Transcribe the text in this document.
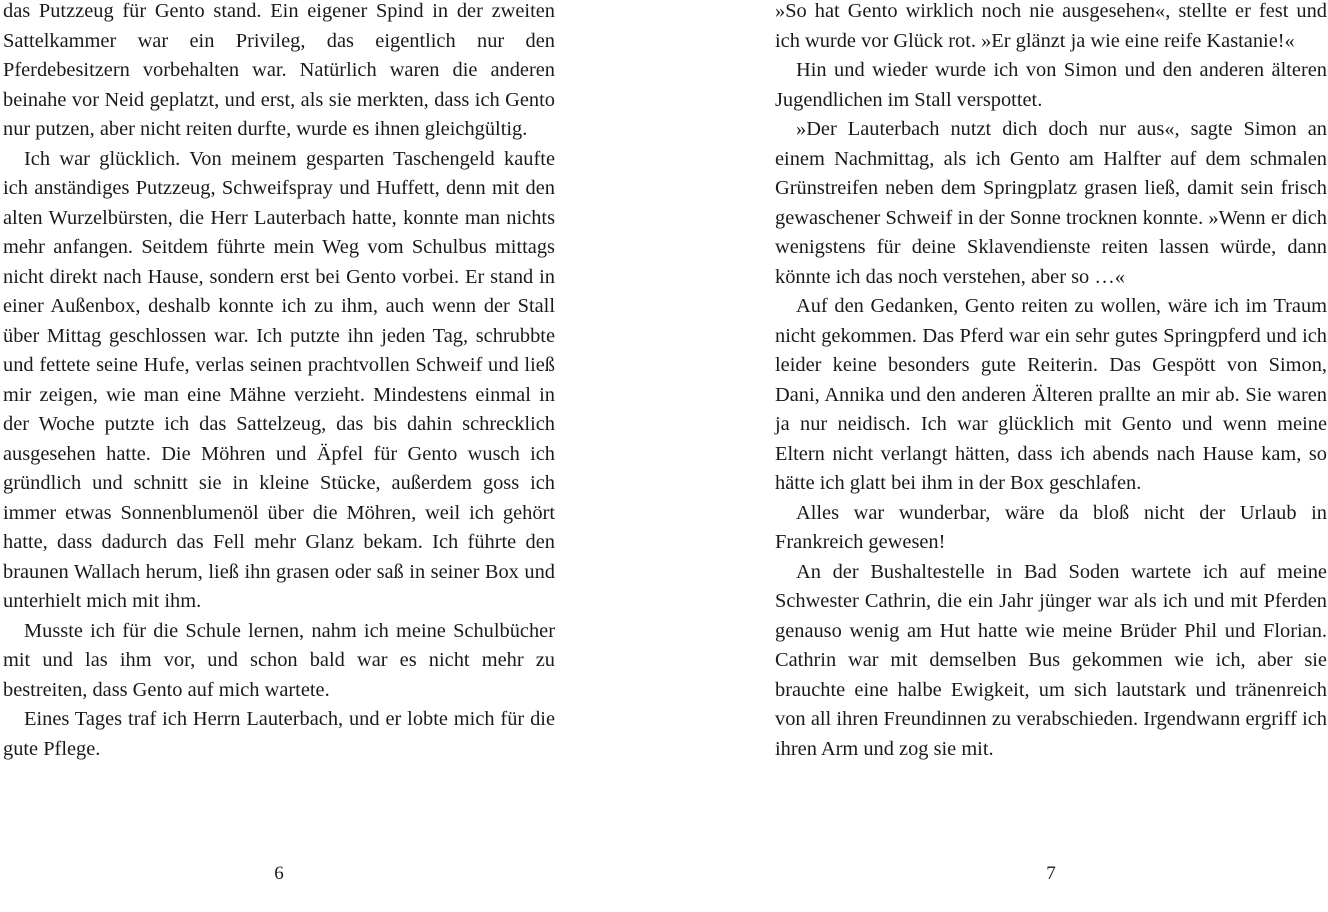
das Putzzeug für Gento stand. Ein eigener Spind in der zweiten Sattelkammer war ein Privileg, das eigentlich nur den Pferdebesitzern vorbehalten war. Natürlich waren die anderen beinahe vor Neid geplatzt, und erst, als sie merkten, dass ich Gento nur putzen, aber nicht reiten durfte, wurde es ihnen gleichgültig.

Ich war glücklich. Von meinem gesparten Taschengeld kaufte ich anständiges Putzzeug, Schweifspray und Huffett, denn mit den alten Wurzelbürsten, die Herr Lauterbach hatte, konnte man nichts mehr anfangen. Seitdem führte mein Weg vom Schulbus mittags nicht direkt nach Hause, sondern erst bei Gento vorbei. Er stand in einer Außenbox, deshalb konnte ich zu ihm, auch wenn der Stall über Mittag geschlossen war. Ich putzte ihn jeden Tag, schrubbte und fettete seine Hufe, verlas seinen prachtvollen Schweif und ließ mir zeigen, wie man eine Mähne verzieht. Mindestens einmal in der Woche putzte ich das Sattelzeug, das bis dahin schrecklich ausgesehen hatte. Die Möhren und Äpfel für Gento wusch ich gründlich und schnitt sie in kleine Stücke, außerdem goss ich immer etwas Sonnenblumenöl über die Möhren, weil ich gehört hatte, dass dadurch das Fell mehr Glanz bekam. Ich führte den braunen Wallach herum, ließ ihn grasen oder saß in seiner Box und unterhielt mich mit ihm.

Musste ich für die Schule lernen, nahm ich meine Schulbücher mit und las ihm vor, und schon bald war es nicht mehr zu bestreiten, dass Gento auf mich wartete.

Eines Tages traf ich Herrn Lauterbach, und er lobte mich für die gute Pflege.

6

»So hat Gento wirklich noch nie ausgesehen«, stellte er fest und ich wurde vor Glück rot. »Er glänzt ja wie eine reife Kastanie!«

Hin und wieder wurde ich von Simon und den anderen älteren Jugendlichen im Stall verspottet.

»Der Lauterbach nutzt dich doch nur aus«, sagte Simon an einem Nachmittag, als ich Gento am Halfter auf dem schmalen Grünstreifen neben dem Springplatz grasen ließ, damit sein frisch gewaschener Schweif in der Sonne trocknen konnte. »Wenn er dich wenigstens für deine Sklavendienste reiten lassen würde, dann könnte ich das noch verstehen, aber so …«

Auf den Gedanken, Gento reiten zu wollen, wäre ich im Traum nicht gekommen. Das Pferd war ein sehr gutes Springpferd und ich leider keine besonders gute Reiterin. Das Gespött von Simon, Dani, Annika und den anderen Älteren prallte an mir ab. Sie waren ja nur neidisch. Ich war glücklich mit Gento und wenn meine Eltern nicht verlangt hätten, dass ich abends nach Hause kam, so hätte ich glatt bei ihm in der Box geschlafen.

Alles war wunderbar, wäre da bloß nicht der Urlaub in Frankreich gewesen!

An der Bushaltestelle in Bad Soden wartete ich auf meine Schwester Cathrin, die ein Jahr jünger war als ich und mit Pferden genauso wenig am Hut hatte wie meine Brüder Phil und Florian. Cathrin war mit demselben Bus gekommen wie ich, aber sie brauchte eine halbe Ewigkeit, um sich lautstark und tränenreich von all ihren Freundinnen zu verabschieden. Irgendwann ergriff ich ihren Arm und zog sie mit.

7
